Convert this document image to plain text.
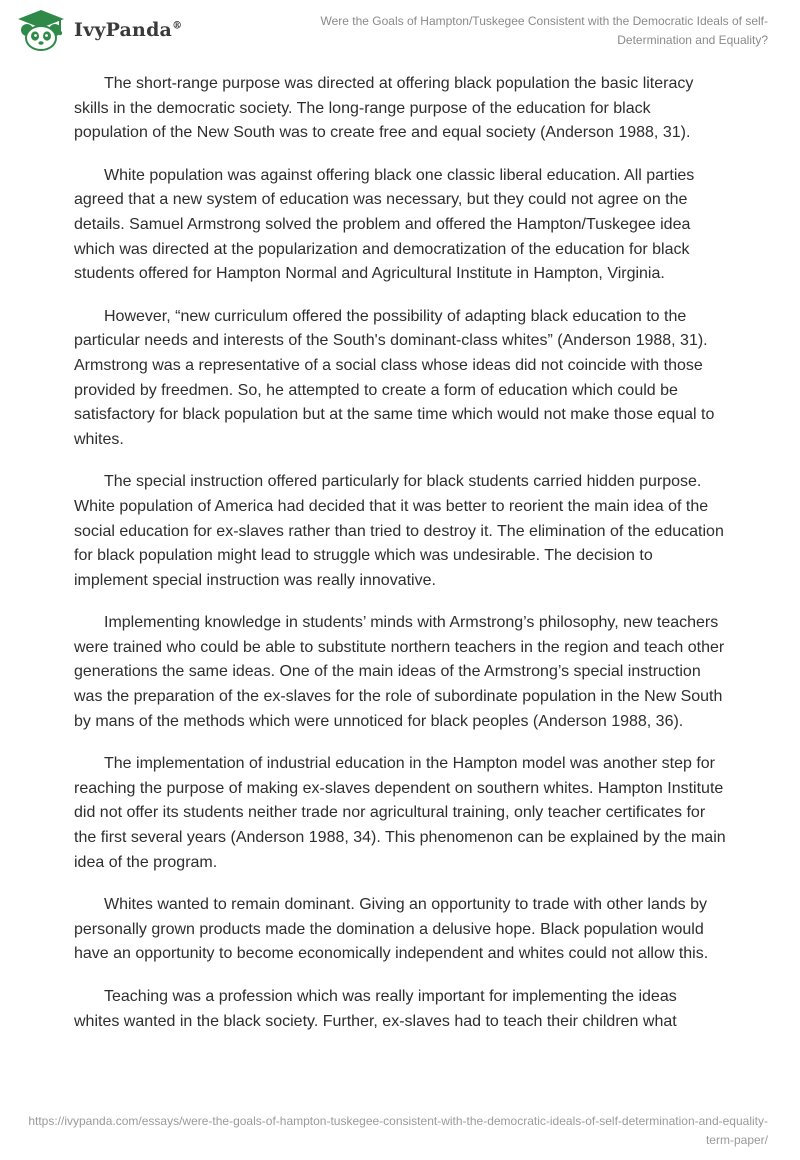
IvyPanda®	Were the Goals of Hampton/Tuskegee Consistent with the Democratic Ideals of self-Determination and Equality?

The short-range purpose was directed at offering black population the basic literacy skills in the democratic society. The long-range purpose of the education for black population of the New South was to create free and equal society (Anderson 1988, 31).

White population was against offering black one classic liberal education. All parties agreed that a new system of education was necessary, but they could not agree on the details. Samuel Armstrong solved the problem and offered the Hampton/Tuskegee idea which was directed at the popularization and democratization of the education for black students offered for Hampton Normal and Agricultural Institute in Hampton, Virginia.

However, “new curriculum offered the possibility of adapting black education to the particular needs and interests of the South's dominant-class whites” (Anderson 1988, 31). Armstrong was a representative of a social class whose ideas did not coincide with those provided by freedmen. So, he attempted to create a form of education which could be satisfactory for black population but at the same time which would not make those equal to whites.

The special instruction offered particularly for black students carried hidden purpose. White population of America had decided that it was better to reorient the main idea of the social education for ex-slaves rather than tried to destroy it. The elimination of the education for black population might lead to struggle which was undesirable. The decision to implement special instruction was really innovative.

Implementing knowledge in students’ minds with Armstrong’s philosophy, new teachers were trained who could be able to substitute northern teachers in the region and teach other generations the same ideas. One of the main ideas of the Armstrong’s special instruction was the preparation of the ex-slaves for the role of subordinate population in the New South by mans of the methods which were unnoticed for black peoples (Anderson 1988, 36).

The implementation of industrial education in the Hampton model was another step for reaching the purpose of making ex-slaves dependent on southern whites. Hampton Institute did not offer its students neither trade nor agricultural training, only teacher certificates for the first several years (Anderson 1988, 34). This phenomenon can be explained by the main idea of the program.

Whites wanted to remain dominant. Giving an opportunity to trade with other lands by personally grown products made the domination a delusive hope. Black population would have an opportunity to become economically independent and whites could not allow this.

Teaching was a profession which was really important for implementing the ideas whites wanted in the black society. Further, ex-slaves had to teach their children what

https://ivypanda.com/essays/were-the-goals-of-hampton-tuskegee-consistent-with-the-democratic-ideals-of-self-determination-and-equality-term-paper/
